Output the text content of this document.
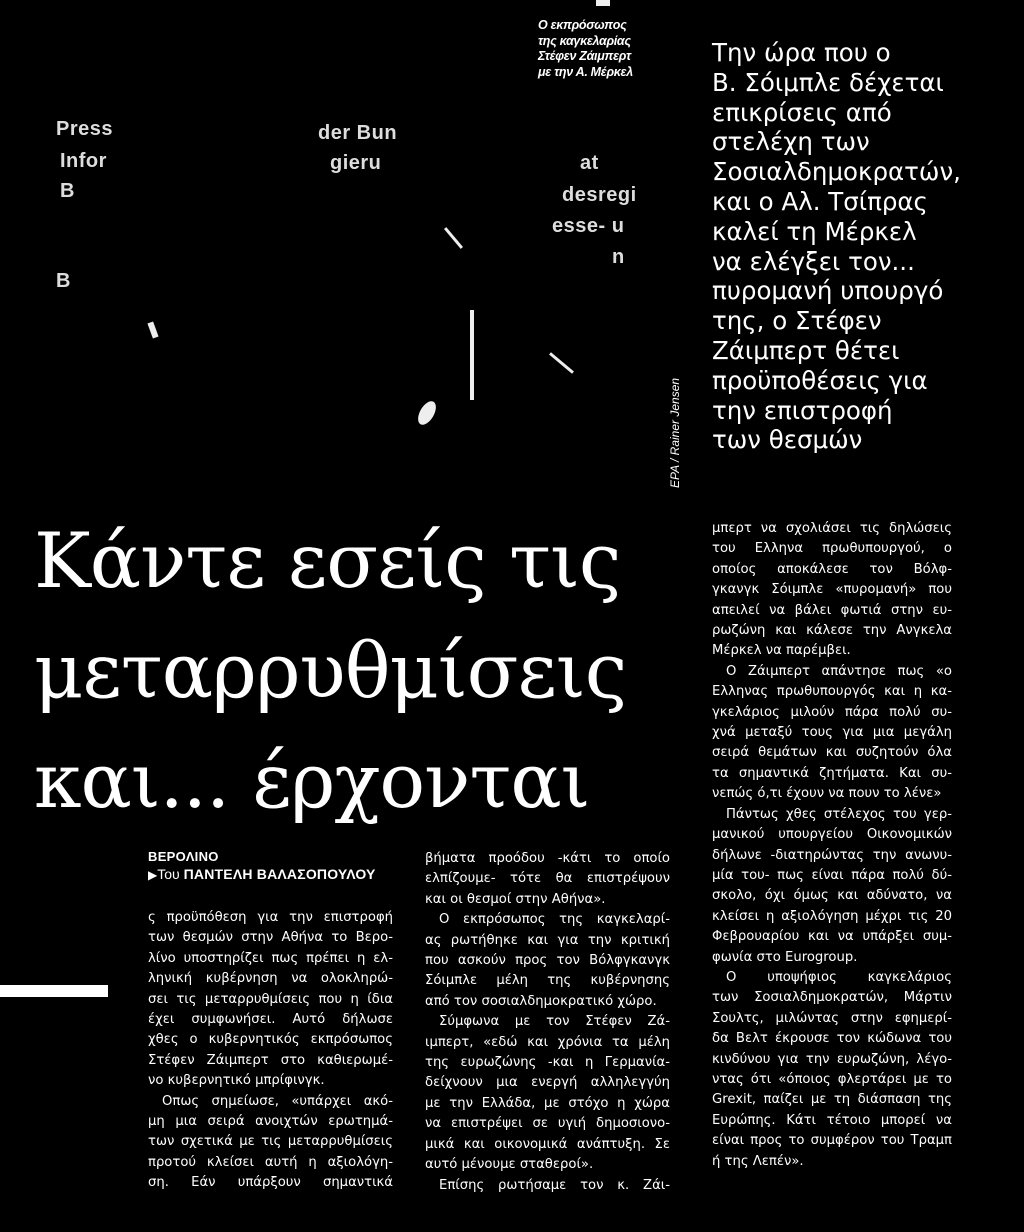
Press
Infor
B
B
der Bun
gieru	at
desregi
esse- u
n
Ο εκπρόσωπος
της καγκελαρίας
Στέφεν Ζάιμπερτ
με την Α. Μέρκελ
EPA / Rainer Jensen
Την ώρα που ο
Β. Σόιμπλε δέχεται
επικρίσεις από
στελέχη των
Σοσιαλδημοκρατών,
και ο Αλ. Τσίπρας
καλεί τη Μέρκελ
να ελέγξει τον...
πυρομανή υπουργό
της, ο Στέφεν
Ζάιμπερτ θέτει
προϋποθέσεις για
την επιστροφή
των θεσμών
Κάντε εσείς τις
μεταρρυθμίσεις
και... έρχονται
ΒΕΡΟΛΙΝΟ
▶Του ΠΑΝΤΕΛΗ ΒΑΛΑΣΟΠΟΥΛΟΥ
ς προϋπόθεση για την επιστροφή
των θεσμών στην Αθήνα το Βερο-
λίνο υποστηρίζει πως πρέπει η ελ-
ληνική κυβέρνηση να ολοκληρώ-
σει τις μεταρρυθμίσεις που η ίδια
έχει συμφωνήσει. Αυτό δήλωσε
χθες ο κυβερνητικός εκπρόσωπος
Στέφεν Ζάιμπερτ στο καθιερωμέ-
νο κυβερνητικό μπρίφινγκ.
Οπως σημείωσε, «υπάρχει ακό-
μη μια σειρά ανοιχτών ερωτημά-
των σχετικά με τις μεταρρυθμίσεις
προτού κλείσει αυτή η αξιολόγη-
ση. Εάν υπάρξουν σημαντικά
βήματα προόδου -κάτι το οποίο
ελπίζουμε- τότε θα επιστρέψουν
και οι θεσμοί στην Αθήνα».
Ο εκπρόσωπος της καγκελαρί-
ας ρωτήθηκε και για την κριτική
που ασκούν προς τον Βόλφγκανγκ
Σόιμπλε μέλη της κυβέρνησης
από τον σοσιαλδημοκρατικό χώρο.
Σύμφωνα με τον Στέφεν Ζά-
ιμπερτ, «εδώ και χρόνια τα μέλη
της ευρωζώνης -και η Γερμανία-
δείχνουν μια ενεργή αλληλεγγύη
με την Ελλάδα, με στόχο η χώρα
να επιστρέψει σε υγιή δημοσιονο-
μικά και οικονομικά ανάπτυξη. Σε
αυτό μένουμε σταθεροί».
Επίσης ρωτήσαμε τον κ. Ζάι-
μπερτ να σχολιάσει τις δηλώσεις
του Ελληνα πρωθυπουργού, ο
οποίος αποκάλεσε τον Βόλφ-
γκανγκ Σόιμπλε «πυρομανή» που
απειλεί να βάλει φωτιά στην ευ-
ρωζώνη και κάλεσε την Ανγκελα
Μέρκελ να παρέμβει.
Ο Ζάιμπερτ απάντησε πως «ο
Ελληνας πρωθυπουργός και η κα-
γκελάριος μιλούν πάρα πολύ συ-
χνά μεταξύ τους για μια μεγάλη
σειρά θεμάτων και συζητούν όλα
τα σημαντικά ζητήματα. Και συ-
νεπώς ό,τι έχουν να πουν το λένε»
Πάντως χθες στέλεχος του γερ-
μανικού υπουργείου Οικονομικών
δήλωνε -διατηρώντας την ανωνυ-
μία του- πως είναι πάρα πολύ δύ-
σκολο, όχι όμως και αδύνατο, να
κλείσει η αξιολόγηση μέχρι τις 20
Φεβρουαρίου και να υπάρξει συμ-
φωνία στο Eurogroup.
Ο υποψήφιος καγκελάριος
των Σοσιαλδημοκρατών, Μάρτιν
Σουλτς, μιλώντας στην εφημερί-
δα Βελτ έκρουσε τον κώδωνα του
κινδύνου για την ευρωζώνη, λέγο-
ντας ότι «όποιος φλερτάρει με το
Grexit, παίζει με τη διάσπαση της
Ευρώπης. Κάτι τέτοιο μπορεί να
είναι προς το συμφέρον του Τραμπ
ή της Λεπέν».
